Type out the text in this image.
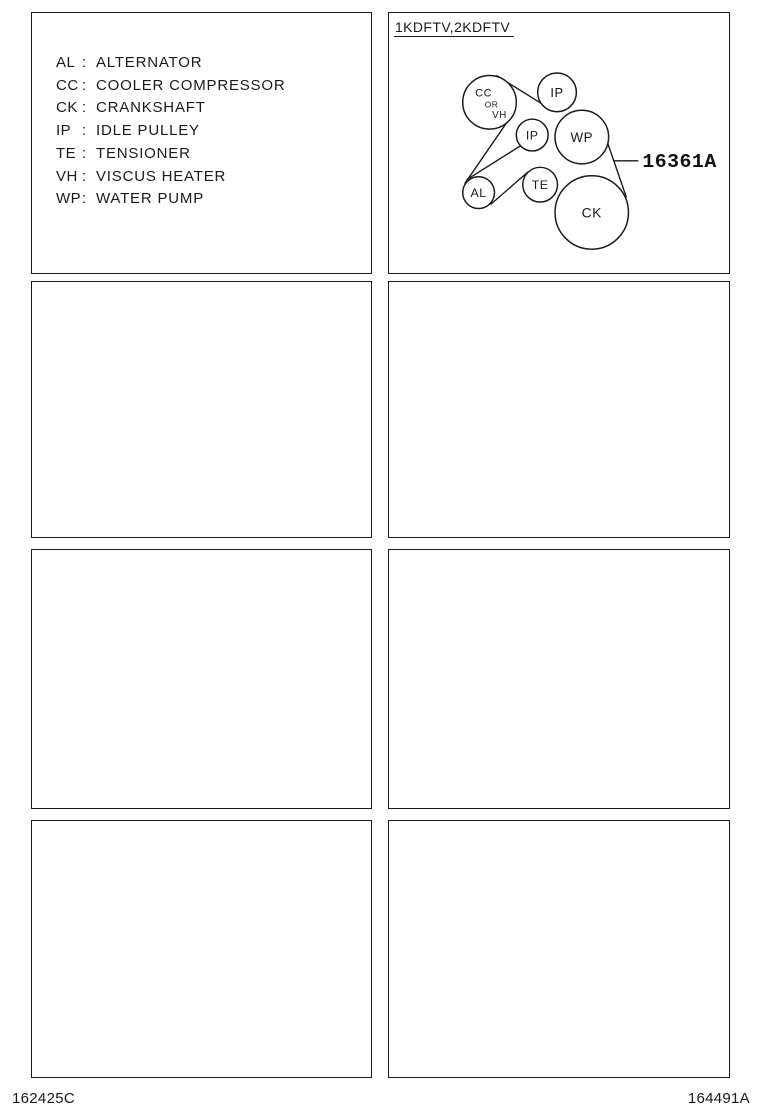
AL : ALTERNATOR
CC : COOLER COMPRESSOR
CK : CRANKSHAFT
IP : IDLE PULLEY
TE : TENSIONER
VH : VISCUS HEATER
WP : WATER PUMP
1KDFTV,2KDFTV
CC
OR
VH
IP
IP WP
AL
TE
CK
16361A
162425C	164491A
